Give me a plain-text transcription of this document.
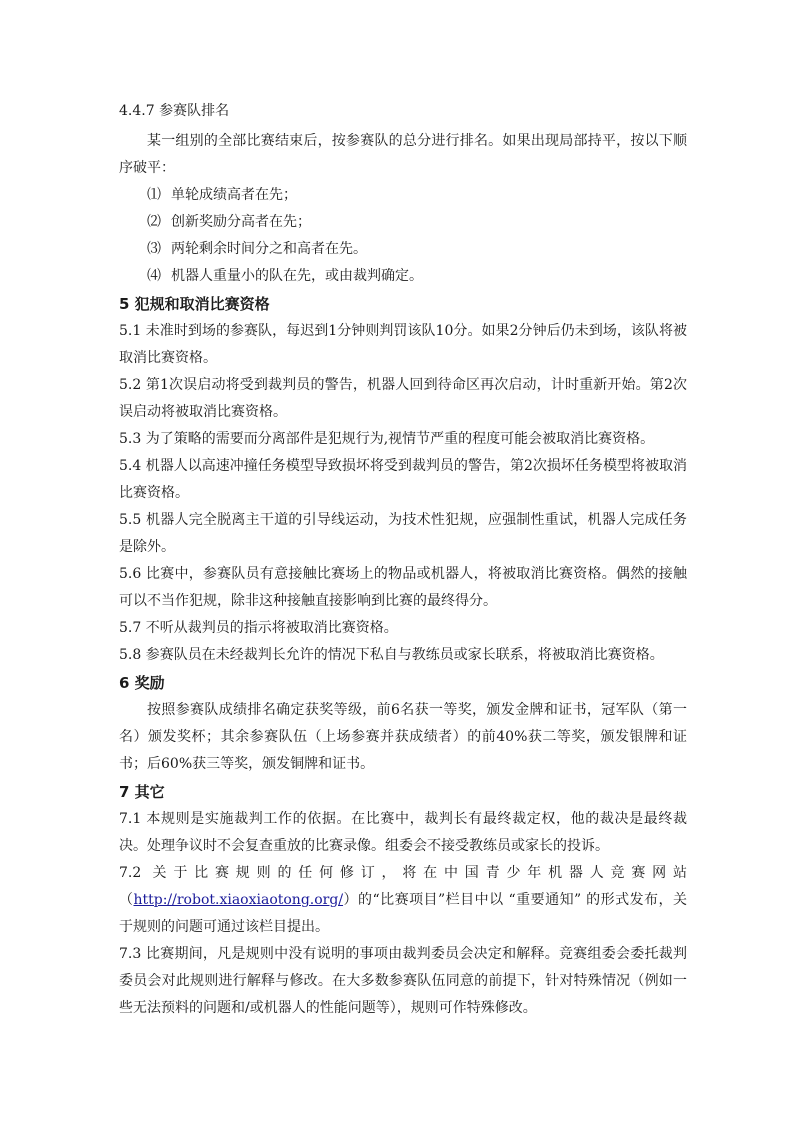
4.4.7 参赛队排名

某一组别的全部比赛结束后，按参赛队的总分进行排名。如果出现局部持平，按以下顺序破平：

⑴ 单轮成绩高者在先；

⑵ 创新奖励分高者在先；

⑶ 两轮剩余时间分之和高者在先。

⑷ 机器人重量小的队在先，或由裁判确定。

5 犯规和取消比赛资格

5.1 未准时到场的参赛队，每迟到1分钟则判罚该队10分。如果2分钟后仍未到场，该队将被取消比赛资格。

5.2 第1次误启动将受到裁判员的警告，机器人回到待命区再次启动，计时重新开始。第2次误启动将被取消比赛资格。

5.3 为了策略的需要而分离部件是犯规行为,视情节严重的程度可能会被取消比赛资格。

5.4 机器人以高速冲撞任务模型导致损坏将受到裁判员的警告，第2次损坏任务模型将被取消比赛资格。

5.5 机器人完全脱离主干道的引导线运动，为技术性犯规，应强制性重试，机器人完成任务是除外。

5.6 比赛中，参赛队员有意接触比赛场上的物品或机器人，将被取消比赛资格。偶然的接触可以不当作犯规，除非这种接触直接影响到比赛的最终得分。

5.7 不听从裁判员的指示将被取消比赛资格。

5.8 参赛队员在未经裁判长允许的情况下私自与教练员或家长联系，将被取消比赛资格。

6 奖励

按照参赛队成绩排名确定获奖等级，前6名获一等奖，颁发金牌和证书，冠军队（第一名）颁发奖杯；其余参赛队伍（上场参赛并获成绩者）的前40%获二等奖，颁发银牌和证书；后60%获三等奖，颁发铜牌和证书。

7 其它

7.1 本规则是实施裁判工作的依据。在比赛中，裁判长有最终裁定权，他的裁决是最终裁决。处理争议时不会复查重放的比赛录像。组委会不接受教练员或家长的投诉。

7.2 关于比赛规则的任何修订，将在中国青少年机器人竞赛网站（http://robot.xiaoxiaotong.org/）的“比赛项目”栏目中以 “重要通知” 的形式发布，关于规则的问题可通过该栏目提出。

7.3 比赛期间，凡是规则中没有说明的事项由裁判委员会决定和解释。竞赛组委会委托裁判委员会对此规则进行解释与修改。在大多数参赛队伍同意的前提下，针对特殊情况（例如一些无法预料的问题和/或机器人的性能问题等），规则可作特殊修改。
